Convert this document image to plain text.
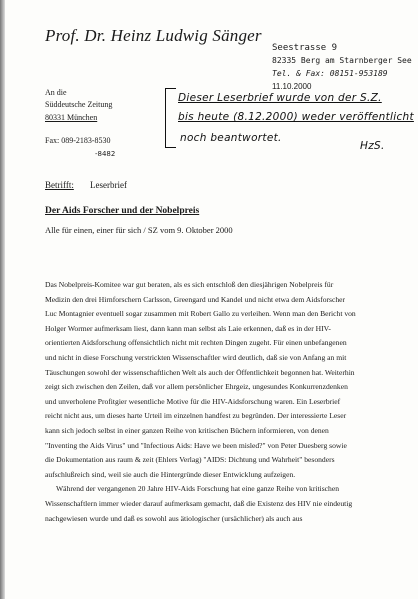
Prof. Dr. Heinz Ludwig Sänger
Seestrasse 9
82335 Berg am Starnberger See
Tel. & Fax: 08151-953189
11.10.2000
An die
Süddeutsche Zeitung
80331 München
Fax: 089-2183-8530
-8482
Dieser Leserbrief wurde von der S.Z.
bis heute (8.12.2000) weder veröffentlicht
noch beantwortet.
HzS.
Betrifft: Leserbrief
Der Aids Forscher und der Nobelpreis
Alle für einen, einer für sich / SZ vom 9. Oktober 2000

Das Nobelpreis-Komitee war gut beraten, als es sich entschloß den diesjährigen Nobelpreis für

Medizin den drei Hirnforschern Carlsson, Greengard und Kandel und nicht etwa dem Aidsforscher

Luc Montagnier eventuell sogar zusammen mit Robert Gallo zu verleihen. Wenn man den Bericht von

Holger Wormer aufmerksam liest, dann kann man selbst als Laie erkennen, daß es in der HIV-

orientierten Aidsforschung offensichtlich nicht mit rechten Dingen zugeht. Für einen unbefangenen

und nicht in diese Forschung verstrickten Wissenschaftler wird deutlich, daß sie von Anfang an mit

Täuschungen sowohl der wissenschaftlichen Welt als auch der Öffentlichkeit begonnen hat. Weiterhin

zeigt sich zwischen den Zeilen, daß vor allem persönlicher Ehrgeiz, ungesundes Konkurrenzdenken

und unverholene Profitgier wesentliche Motive für die HIV-Aidsforschung waren. Ein Leserbrief

reicht nicht aus, um dieses harte Urteil im einzelnen handfest zu begründen. Der interessierte Leser

kann sich jedoch selbst in einer ganzen Reihe von kritischen Büchern informieren, von denen

"Inventing the Aids Virus" und "Infectious Aids: Have we been misled?" von Peter Duesberg sowie

die Dokumentation aus raum & zeit (Ehlers Verlag) "AIDS: Dichtung und Wahrheit" besonders

aufschlußreich sind, weil sie auch die Hintergründe dieser Entwicklung aufzeigen.

Während der vergangenen 20 Jahre HIV-Aids Forschung hat eine ganze Reihe von kritischen

Wissenschaftlern immer wieder darauf aufmerksam gemacht, daß die Existenz des HIV nie eindeutig

nachgewiesen wurde und daß es sowohl aus ätiologischer (ursächlicher) als auch aus
